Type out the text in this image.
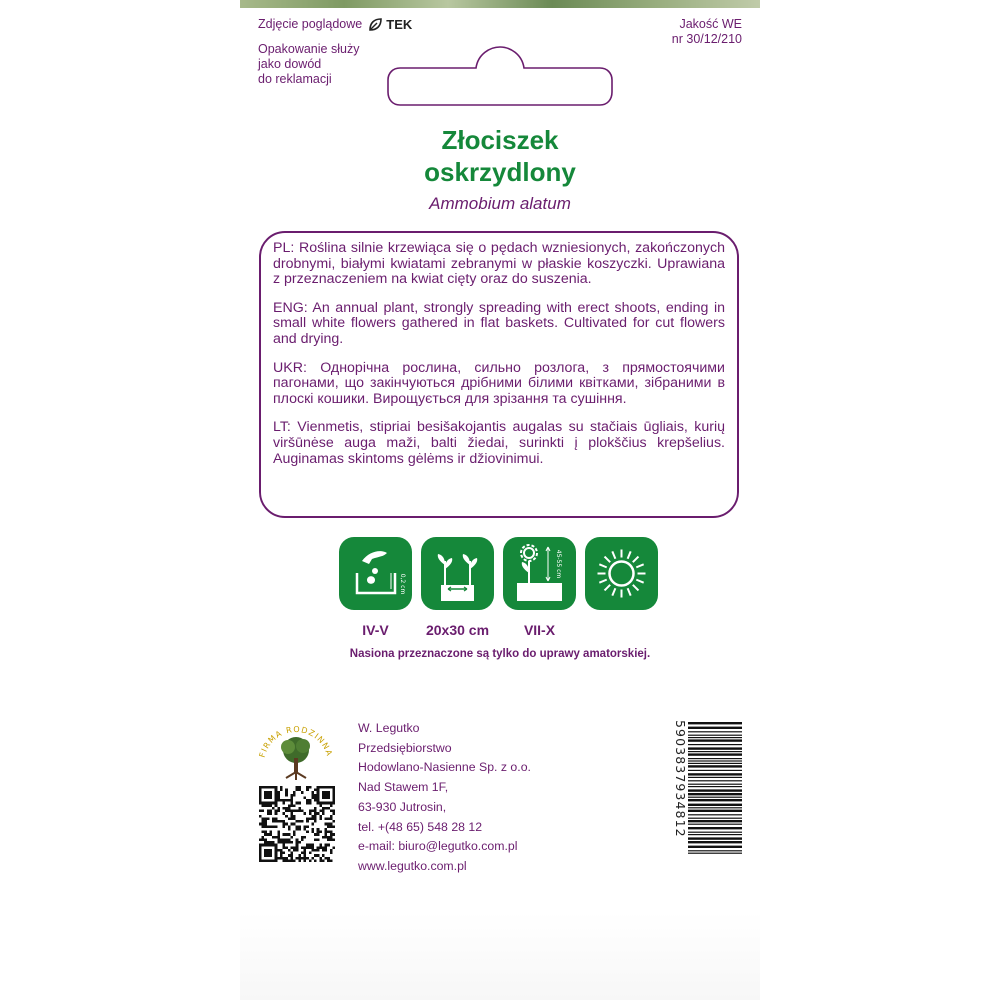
Zdjęcie poglądowe TEK	Jakość WE
nr 30/12/210
Opakowanie służy
jako dowód
do reklamacji
Złociszek
oskrzydlony
Ammobium alatum

PL: Roślina silnie krzewiąca się o pędach wzniesionych, zakończonych drobnymi, białymi kwiatami zebranymi w płaskie koszyczki. Uprawiana z przeznaczeniem na kwiat cięty oraz do suszenia.

ENG: An annual plant, strongly spreading with erect shoots, ending in small white flowers gathered in flat baskets. Cultivated for cut flowers and drying.

UKR: Однорічна рослина, сильно розлога, з прямостоячими пагонами, що закінчуються дрібними білими квітками, зібраними в плоскі кошики. Вирощується для зрізання та сушіння.

LT: Vienmetis, stipriai besišakojantis augalas su stačiais ūgliais, kurių viršūnėse auga maži, balti žiedai, surinkti į plokščius krepšelius. Auginamas skintoms gėlėms ir džiovinimui.

0,2 cm
45-55 cm
IV-V	20x30 cm	VII-X
Nasiona przeznaczone są tylko do uprawy amatorskiej.
FIRMA RODZINNA
W. Legutko
Przedsiębiorstwo
Hodowlano-Nasienne Sp. z o.o.
Nad Stawem 1F,
63-930 Jutrosin,
tel. +(48 65) 548 28 12
e-mail: biuro@legutko.com.pl
www.legutko.com.pl
5903837934812
